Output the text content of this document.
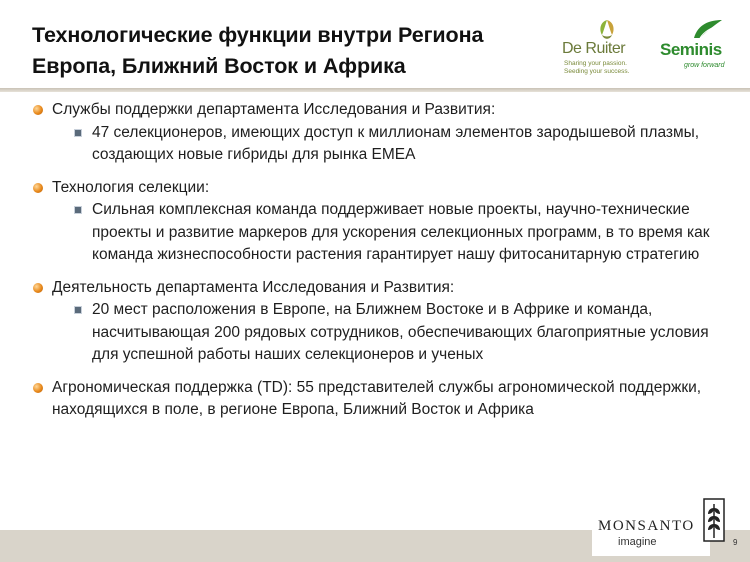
Технологические функции внутри Региона
Европа, Ближний Восток и Африка
De Ruiter
Sharing your passion.
Seeding your success.
Seminis
grow forward

Службы поддержки департамента Исследования и Развития:

47 селекционеров, имеющих доступ к миллионам элементов зародышевой плазмы, создающих новые гибриды для рынка ЕМЕА

Технология селекции:

Сильная комплексная команда поддерживает новые проекты, научно-технические проекты и развитие маркеров для ускорения селекционных программ, в то время как команда жизнеспособности растения гарантирует нашу фитосанитарную стратегию

Деятельность департамента Исследования и Развития:

20 мест расположения в Европе, на Ближнем Востоке и в Африке и команда, насчитывающая 200 рядовых сотрудников, обеспечивающих благоприятные условия для успешной работы наших селекционеров и ученых

Агрономическая поддержка (TD): 55 представителей службы агрономической поддержки, находящихся в поле, в регионе Европа, Ближний Восток и Африка

MONSANTO
imagine	9
